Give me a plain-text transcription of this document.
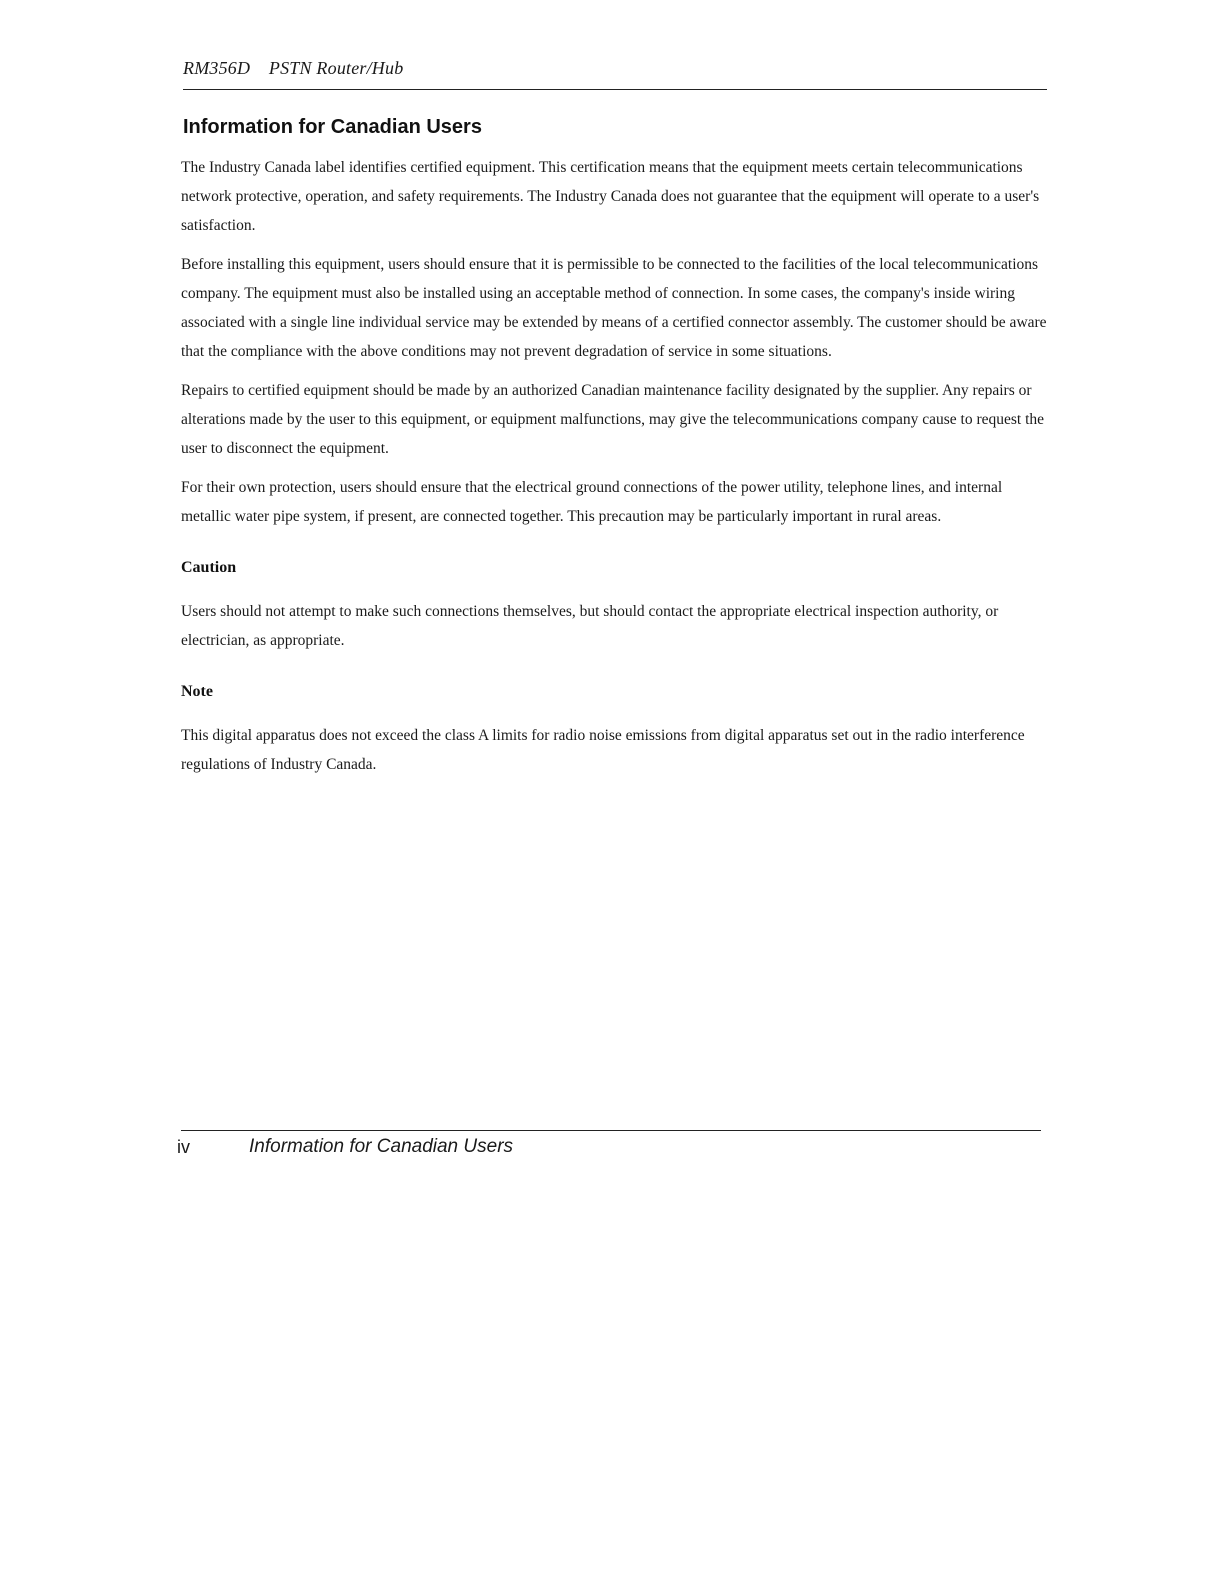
RM356D PSTN Router/Hub
Information for Canadian Users

The Industry Canada label identifies certified equipment. This certification means that the equipment meets certain telecommunications network protective, operation, and safety requirements. The Industry Canada does not guarantee that the equipment will operate to a user's satisfaction.

Before installing this equipment, users should ensure that it is permissible to be connected to the facilities of the local telecommunications company. The equipment must also be installed using an acceptable method of connection. In some cases, the company's inside wiring associated with a single line individual service may be extended by means of a certified connector assembly. The customer should be aware that the compliance with the above conditions may not prevent degradation of service in some situations.

Repairs to certified equipment should be made by an authorized Canadian maintenance facility designated by the supplier. Any repairs or alterations made by the user to this equipment, or equipment malfunctions, may give the telecommunications company cause to request the user to disconnect the equipment.

For their own protection, users should ensure that the electrical ground connections of the power utility, telephone lines, and internal metallic water pipe system, if present, are connected together. This precaution may be particularly important in rural areas.

Caution

Users should not attempt to make such connections themselves, but should contact the appropriate electrical inspection authority, or electrician, as appropriate.

Note

This digital apparatus does not exceed the class A limits for radio noise emissions from digital apparatus set out in the radio interference regulations of Industry Canada.

iv	Information for Canadian Users
